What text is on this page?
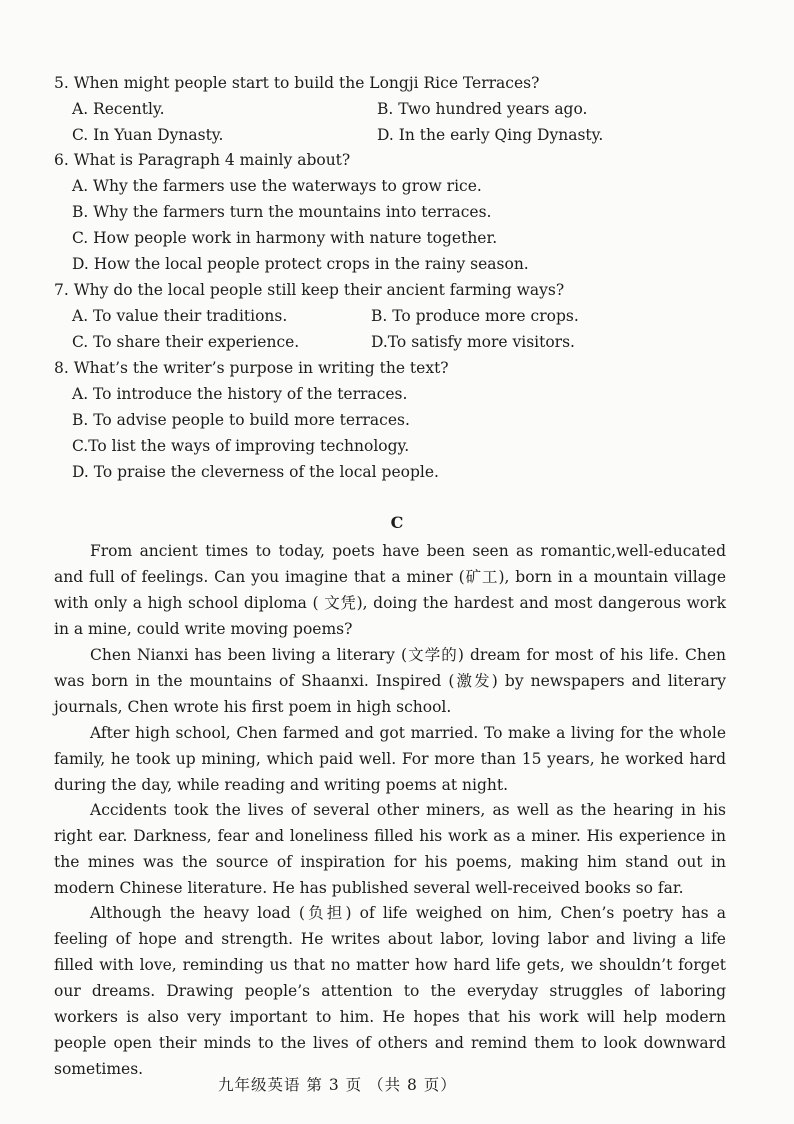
5. When might people start to build the Longji Rice Terraces?
A. Recently.	B. Two hundred years ago.
C. In Yuan Dynasty.	D. In the early Qing Dynasty.
6. What is Paragraph 4 mainly about?
A. Why the farmers use the waterways to grow rice.
B. Why the farmers turn the mountains into terraces.
C. How people work in harmony with nature together.
D. How the local people protect crops in the rainy season.
7. Why do the local people still keep their ancient farming ways?
A. To value their traditions.	B. To produce more crops.
C. To share their experience.	D.To satisfy more visitors.
8. What’s the writer’s purpose in writing the text?
A. To introduce the history of the terraces.
B. To advise people to build more terraces.
C.To list the ways of improving technology.
D. To praise the cleverness of the local people.
C
From ancient times to today, poets have been seen as romantic,well-educated and full of feelings. Can you imagine that a miner (矿工), born in a mountain village with only a high school diploma ( 文凭), doing the hardest and most dangerous work in a mine, could write moving poems?
Chen Nianxi has been living a literary (文学的) dream for most of his life. Chen was born in the mountains of Shaanxi. Inspired (激发) by newspapers and literary journals, Chen wrote his first poem in high school.
After high school, Chen farmed and got married. To make a living for the whole family, he took up mining, which paid well. For more than 15 years, he worked hard during the day, while reading and writing poems at night.
Accidents took the lives of several other miners, as well as the hearing in his right ear. Darkness, fear and loneliness filled his work as a miner. His experience in the mines was the source of inspiration for his poems, making him stand out in modern Chinese literature. He has published several well-received books so far.
Although the heavy load (负担) of life weighed on him, Chen’s poetry has a feeling of hope and strength. He writes about labor, loving labor and living a life filled with love, reminding us that no matter how hard life gets, we shouldn’t forget our dreams. Drawing people’s attention to the everyday struggles of laboring workers is also very important to him. He hopes that his work will help modern people open their minds to the lives of others and remind them to look downward sometimes.
九年级英语 第 3 页 （共 8 页）
